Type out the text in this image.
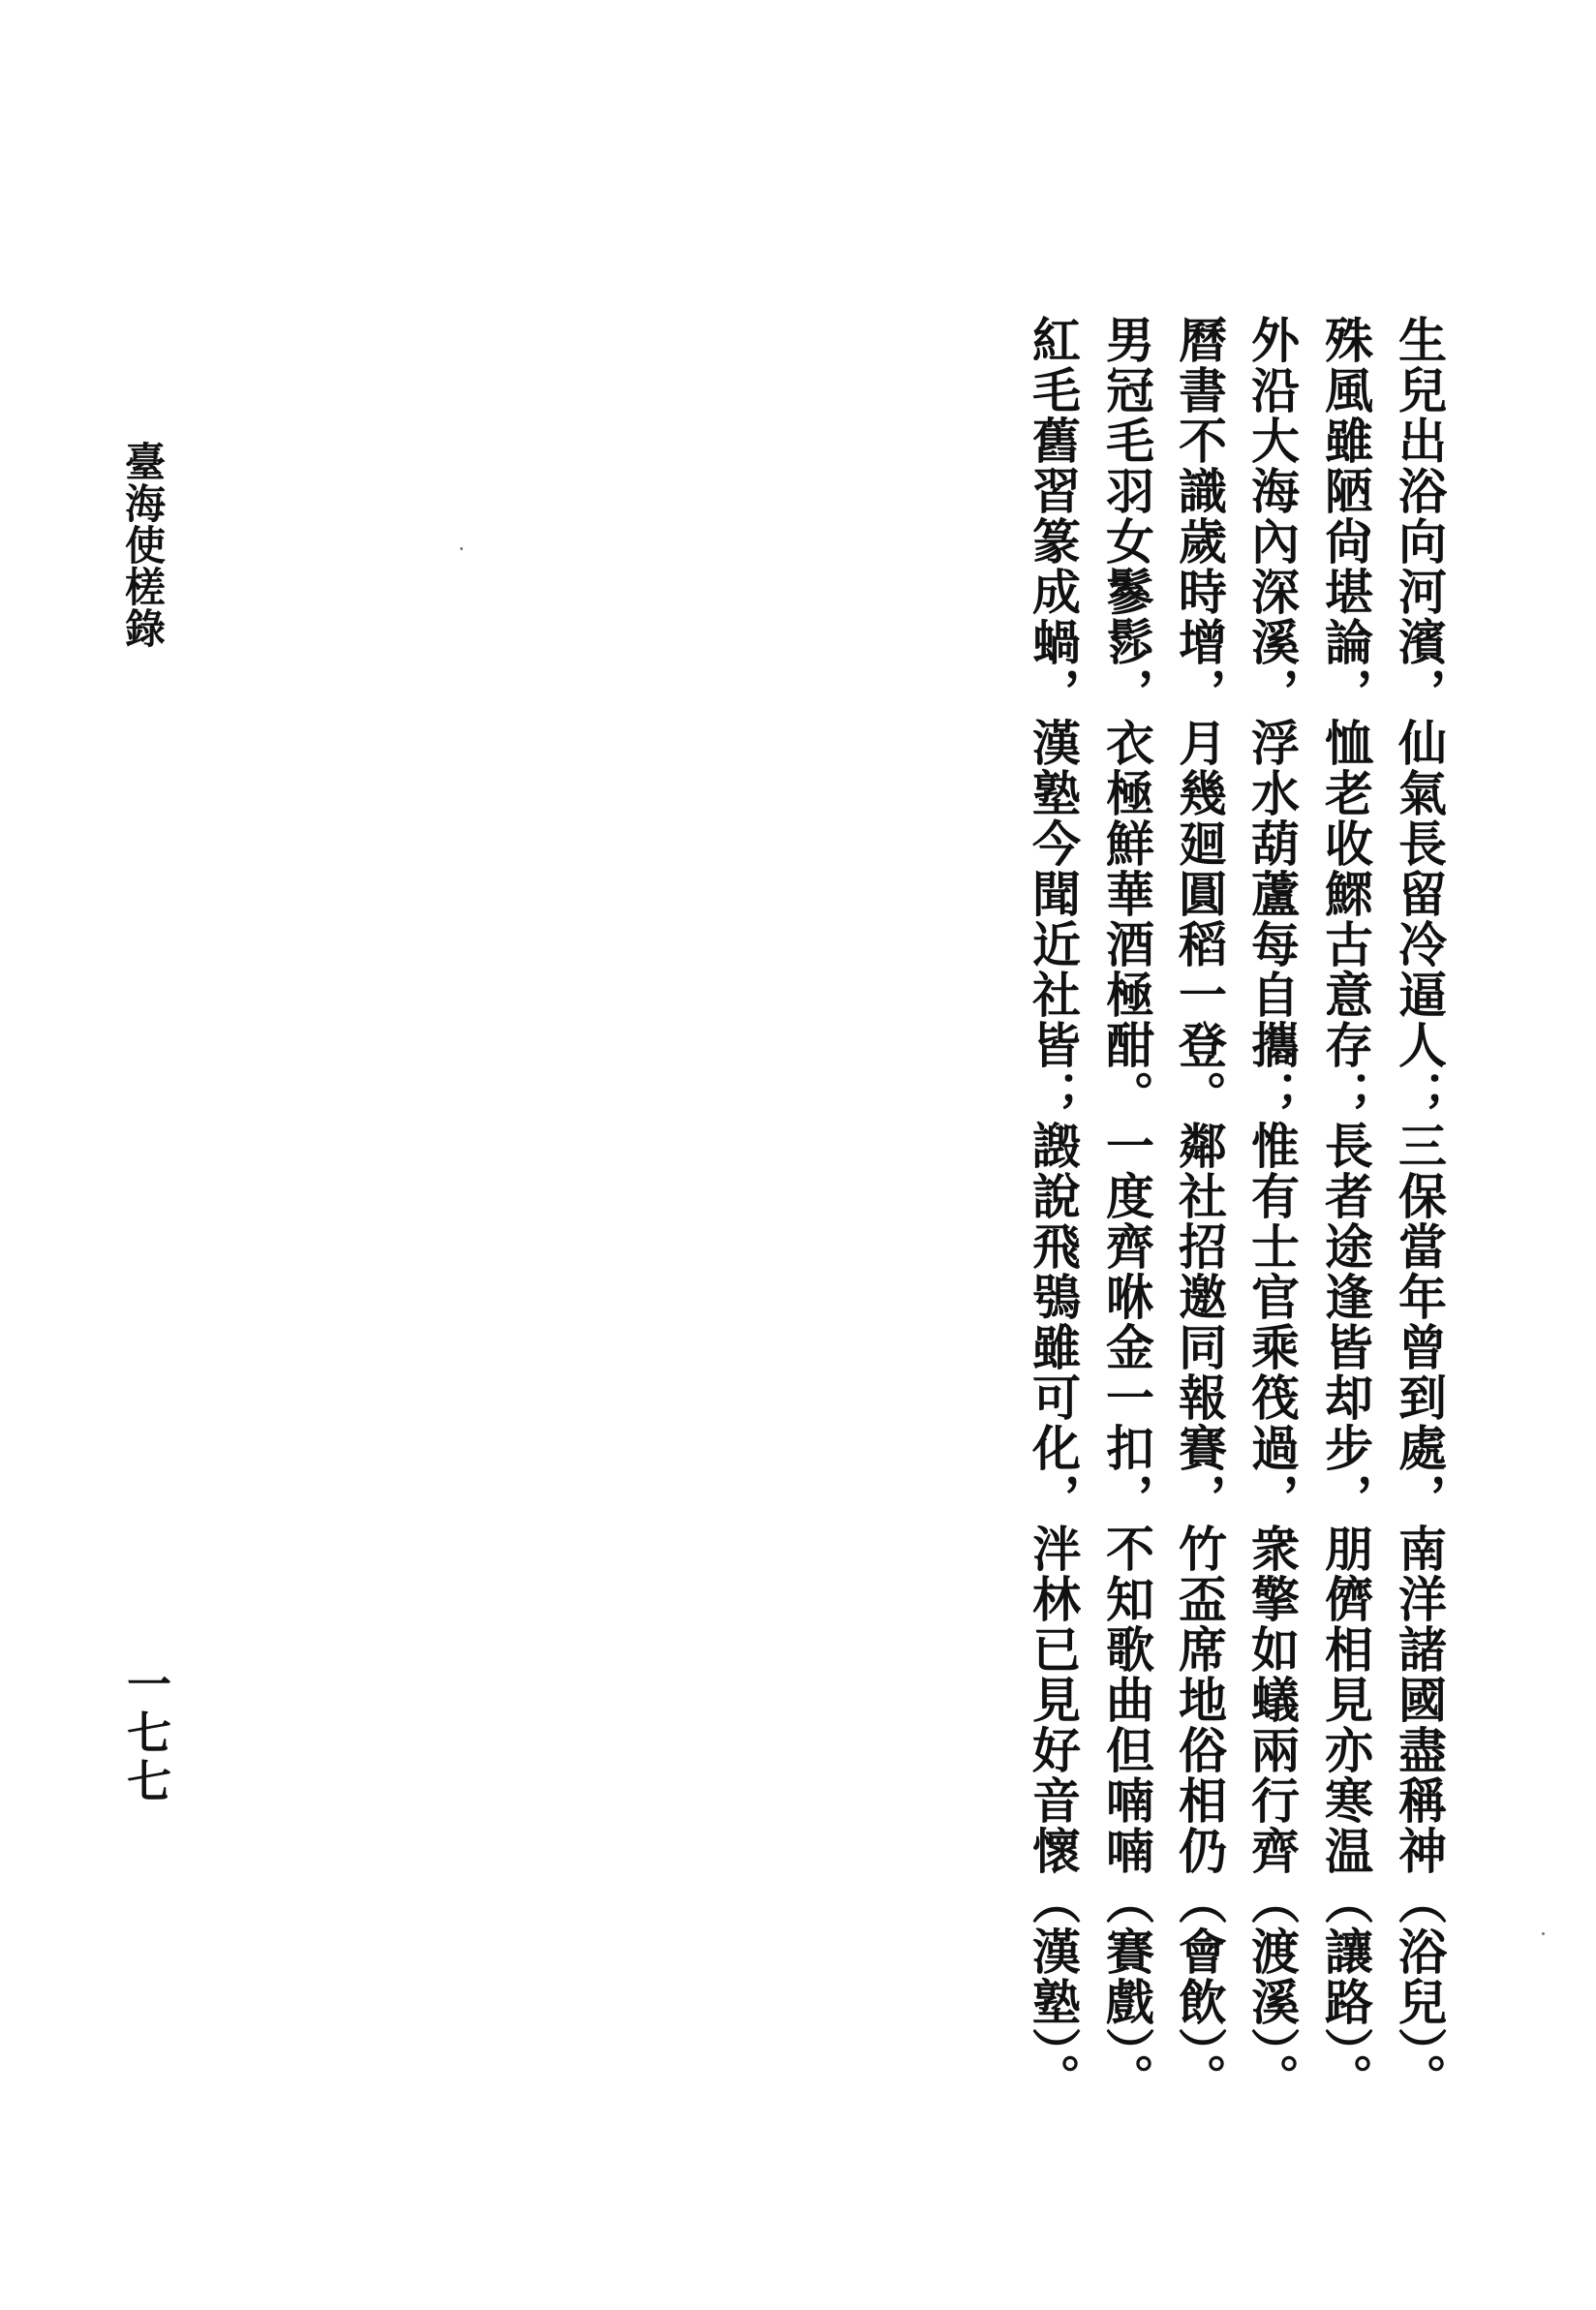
生兒出浴向河濱，仙氣長留冷逼人；三保當年曾到處，南洋諸國盡稱神（浴兒）。
殊風雖陋尙堪論，恤老收鰥古意存；長者途逢皆却步，朋儕相見亦寒温（讓路）。
外沿大海內深溪，浮水葫蘆每自攜；惟有士官乘筏過，衆擎如蟻兩行齊（渡溪）。
曆書不識歲時增，月幾廻圓稻一登。鄰社招邀同報賽，竹盃席地俗相仍（會飲）。
男冠毛羽女鬖髿，衣極鮮華酒極酣。一度齊咻金一扣，不知歌曲但喃喃（賽戲）。
紅毛舊習篆成蝸，漢塾今聞近社皆；譭說飛鴞雖可化，泮林已見好音懷（漢塾）。
臺海使槎錄
一七七
